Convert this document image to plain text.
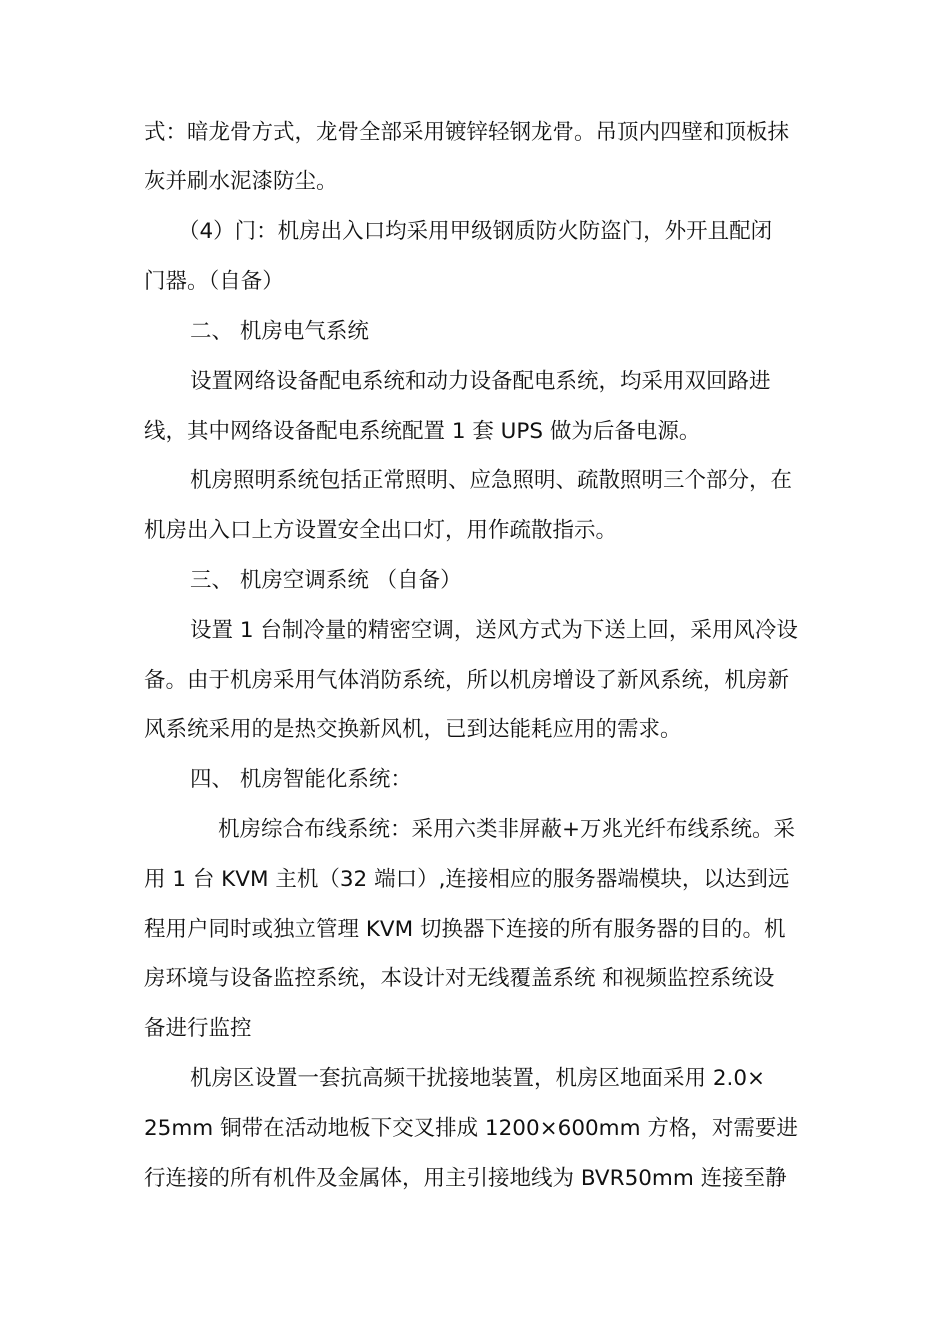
式：暗龙骨方式，龙骨全部采用镀锌轻钢龙骨。吊顶内四壁和顶板抹
灰并刷水泥漆防尘。
（4）门：机房出入口均采用甲级钢质防火防盗门，外开且配闭
门器。（自备）
二、 机房电气系统
设置网络设备配电系统和动力设备配电系统，均采用双回路进
线，其中网络设备配电系统配置 1 套 UPS 做为后备电源。
机房照明系统包括正常照明、应急照明、疏散照明三个部分，在
机房出入口上方设置安全出口灯，用作疏散指示。
三、 机房空调系统 （自备）
设置 1 台制冷量的精密空调，送风方式为下送上回，采用风冷设
备。由于机房采用气体消防系统，所以机房增设了新风系统，机房新
风系统采用的是热交换新风机，已到达能耗应用的需求。
四、 机房智能化系统：
机房综合布线系统：采用六类非屏蔽+万兆光纤布线系统。采
用 1 台 KVM 主机（32 端口）,连接相应的服务器端模块，以达到远
程用户同时或独立管理 KVM 切换器下连接的所有服务器的目的。机
房环境与设备监控系统，本设计对无线覆盖系统 和视频监控系统设
备进行监控
机房区设置一套抗高频干扰接地装置，机房区地面采用 2.0×
25mm 铜带在活动地板下交叉排成 1200×600mm 方格，对需要进
行连接的所有机件及金属体，用主引接地线为 BVR50mm 连接至静
